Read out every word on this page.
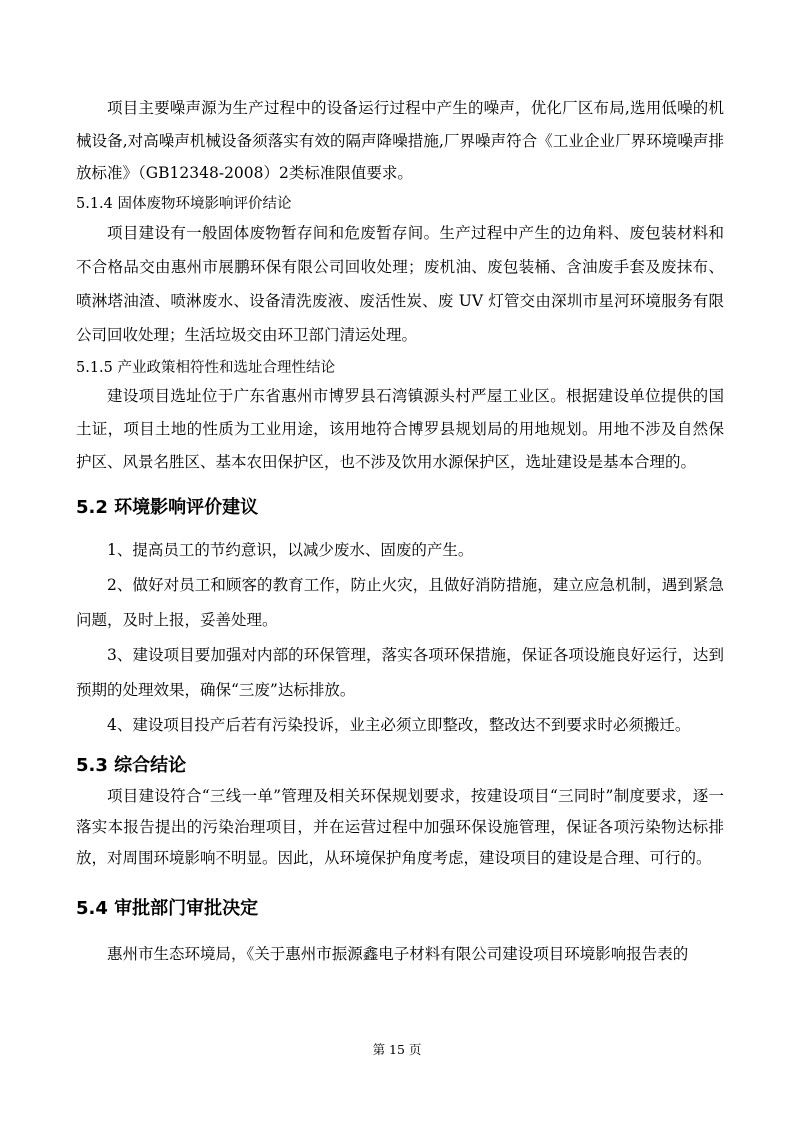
项目主要噪声源为生产过程中的设备运行过程中产生的噪声，优化厂区布局,选用低噪的机械设备,对高噪声机械设备须落实有效的隔声降噪措施,厂界噪声符合《工业企业厂界环境噪声排放标准》（GB12348-2008）2类标准限值要求。

5.1.4 固体废物环境影响评价结论

项目建设有一般固体废物暂存间和危废暂存间。生产过程中产生的边角料、废包装材料和不合格品交由惠州市展鹏环保有限公司回收处理；废机油、废包装桶、含油废手套及废抹布、喷淋塔油渣、喷淋废水、设备清洗废液、废活性炭、废 UV 灯管交由深圳市星河环境服务有限公司回收处理；生活垃圾交由环卫部门清运处理。

5.1.5 产业政策相符性和选址合理性结论

建设项目选址位于广东省惠州市博罗县石湾镇源头村严屋工业区。根据建设单位提供的国土证，项目土地的性质为工业用途，该用地符合博罗县规划局的用地规划。用地不涉及自然保护区、风景名胜区、基本农田保护区，也不涉及饮用水源保护区，选址建设是基本合理的。

5.2 环境影响评价建议

1、提高员工的节约意识，以减少废水、固废的产生。

2、做好对员工和顾客的教育工作，防止火灾，且做好消防措施，建立应急机制，遇到紧急问题，及时上报，妥善处理。

3、建设项目要加强对内部的环保管理，落实各项环保措施，保证各项设施良好运行，达到预期的处理效果，确保“三废”达标排放。

4、建设项目投产后若有污染投诉，业主必须立即整改，整改达不到要求时必须搬迁。

5.3 综合结论

项目建设符合“三线一单”管理及相关环保规划要求，按建设项目“三同时”制度要求，逐一落实本报告提出的污染治理项目，并在运营过程中加强环保设施管理，保证各项污染物达标排放，对周围环境影响不明显。因此，从环境保护角度考虑，建设项目的建设是合理、可行的。

5.4 审批部门审批决定

惠州市生态环境局，《关于惠州市振源鑫电子材料有限公司建设项目环境影响报告表的

第 15 页
